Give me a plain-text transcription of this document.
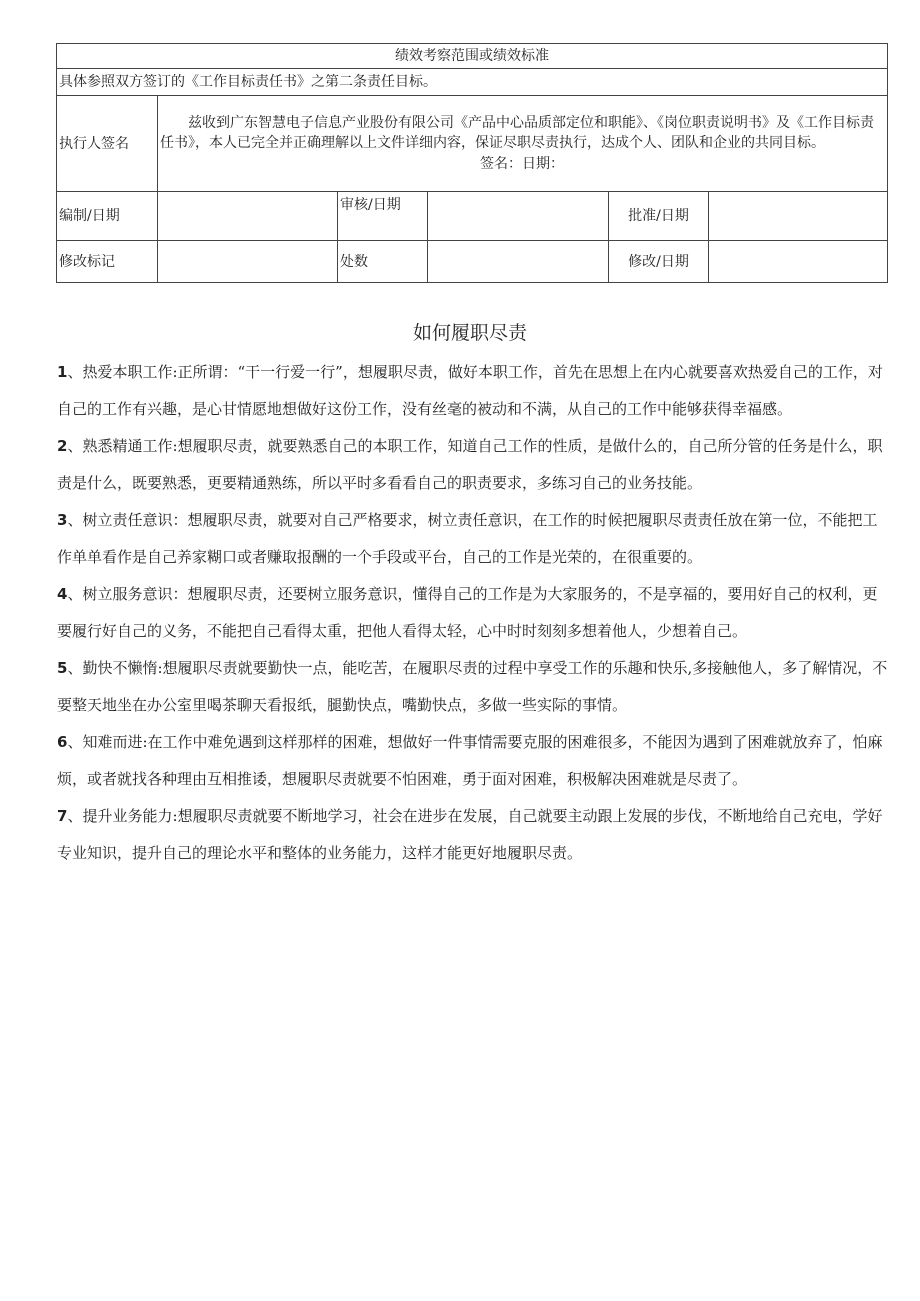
绩效考察范围或绩效标准					
具体参照双方签订的《工作目标责任书》之第二条责任目标。					
执行人签名	兹收到广东智慧电子信息产业股份有限公司《产品中心品质部定位和职能》、《岗位职责说明书》及《工作目标责任书》，本人已完全并正确理解以上文件详细内容，保证尽职尽责执行，达成个人、团队和企业的共同目标。
签名：日期：				

编制/日期		审核/日期		批准/日期	
修改标记		处数		修改/日期	
如何履职尽责

1、热爱本职工作:正所谓：“干一行爱一行”，想履职尽责，做好本职工作，首先在思想上在内心就要喜欢热爱自己的工作，对自己的工作有兴趣，是心甘情愿地想做好这份工作，没有丝毫的被动和不满，从自己的工作中能够获得幸福感。

2、熟悉精通工作:想履职尽责，就要熟悉自己的本职工作，知道自己工作的性质，是做什么的，自己所分管的任务是什么，职责是什么，既要熟悉，更要精通熟练，所以平时多看看自己的职责要求，多练习自己的业务技能。

3、树立责任意识：想履职尽责，就要对自己严格要求，树立责任意识，在工作的时候把履职尽责责任放在第一位，不能把工作单单看作是自己养家糊口或者赚取报酬的一个手段或平台，自己的工作是光荣的，在很重要的。

4、树立服务意识：想履职尽责，还要树立服务意识，懂得自己的工作是为大家服务的，不是享福的，要用好自己的权利，更要履行好自己的义务，不能把自己看得太重，把他人看得太轻，心中时时刻刻多想着他人，少想着自己。

5、勤快不懒惰:想履职尽责就要勤快一点，能吃苦，在履职尽责的过程中享受工作的乐趣和快乐,多接触他人，多了解情况，不要整天地坐在办公室里喝茶聊天看报纸，腿勤快点，嘴勤快点，多做一些实际的事情。

6、知难而进:在工作中难免遇到这样那样的困难，想做好一件事情需要克服的困难很多，不能因为遇到了困难就放弃了，怕麻烦，或者就找各种理由互相推诿，想履职尽责就要不怕困难，勇于面对困难，积极解决困难就是尽责了。

7、提升业务能力:想履职尽责就要不断地学习，社会在进步在发展，自己就要主动跟上发展的步伐，不断地给自己充电，学好专业知识，提升自己的理论水平和整体的业务能力，这样才能更好地履职尽责。
